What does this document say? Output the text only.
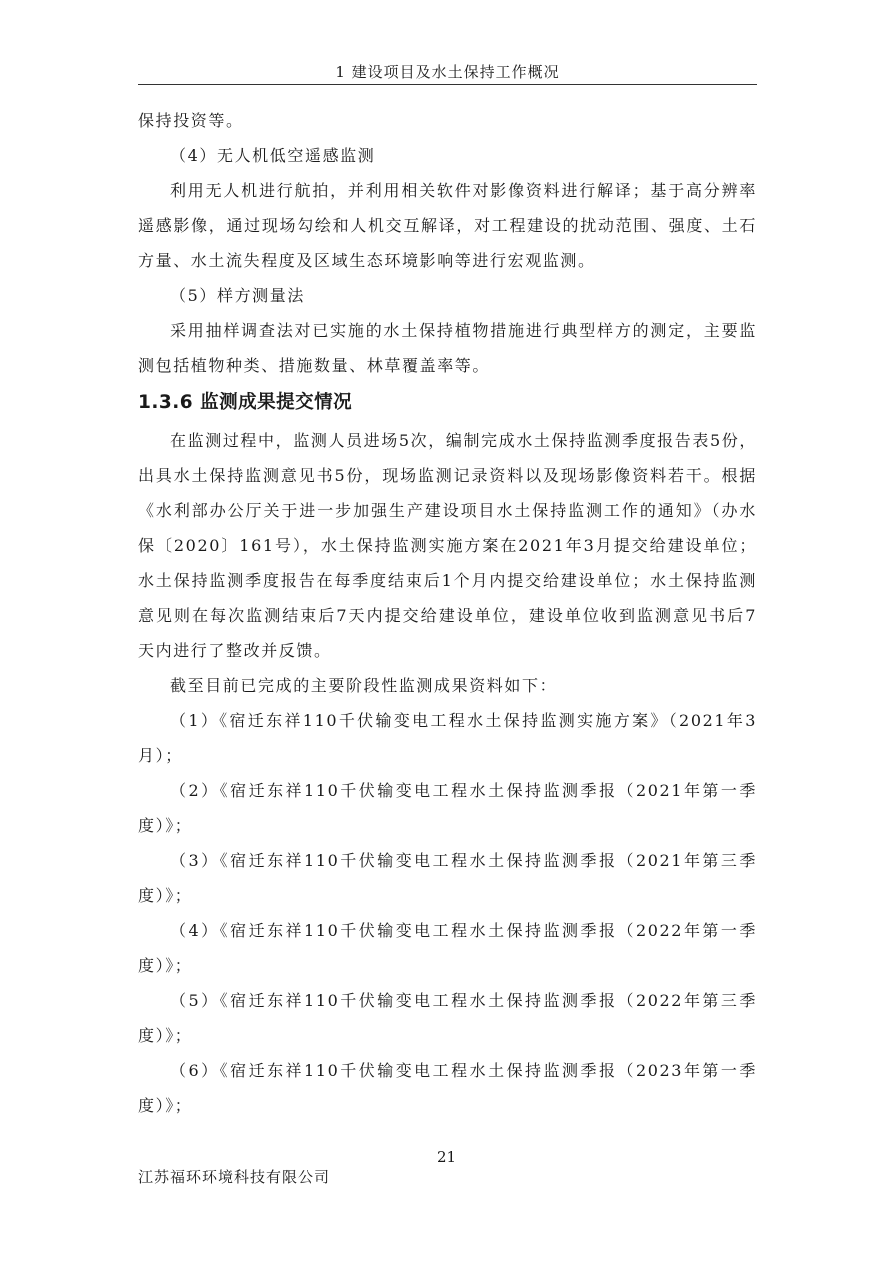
1 建设项目及水土保持工作概况

保持投资等。

（4）无人机低空遥感监测

利用无人机进行航拍，并利用相关软件对影像资料进行解译；基于高分辨率遥感影像，通过现场勾绘和人机交互解译，对工程建设的扰动范围、强度、土石方量、水土流失程度及区域生态环境影响等进行宏观监测。

（5）样方测量法

采用抽样调查法对已实施的水土保持植物措施进行典型样方的测定，主要监测包括植物种类、措施数量、林草覆盖率等。

1.3.6 监测成果提交情况

在监测过程中，监测人员进场5次，编制完成水土保持监测季度报告表5份，出具水土保持监测意见书5份，现场监测记录资料以及现场影像资料若干。根据《水利部办公厅关于进一步加强生产建设项目水土保持监测工作的通知》（办水保〔2020〕161号），水土保持监测实施方案在2021年3月提交给建设单位；水土保持监测季度报告在每季度结束后1个月内提交给建设单位；水土保持监测意见则在每次监测结束后7天内提交给建设单位，建设单位收到监测意见书后7天内进行了整改并反馈。

截至目前已完成的主要阶段性监测成果资料如下：

（1）《宿迁东祥110千伏输变电工程水土保持监测实施方案》（2021年3月）；

（2）《宿迁东祥110千伏输变电工程水土保持监测季报（2021年第一季度）》；

（3）《宿迁东祥110千伏输变电工程水土保持监测季报（2021年第三季度）》；

（4）《宿迁东祥110千伏输变电工程水土保持监测季报（2022年第一季度）》；

（5）《宿迁东祥110千伏输变电工程水土保持监测季报（2022年第三季度）》；

（6）《宿迁东祥110千伏输变电工程水土保持监测季报（2023年第一季度）》；

21
江苏福环环境科技有限公司
